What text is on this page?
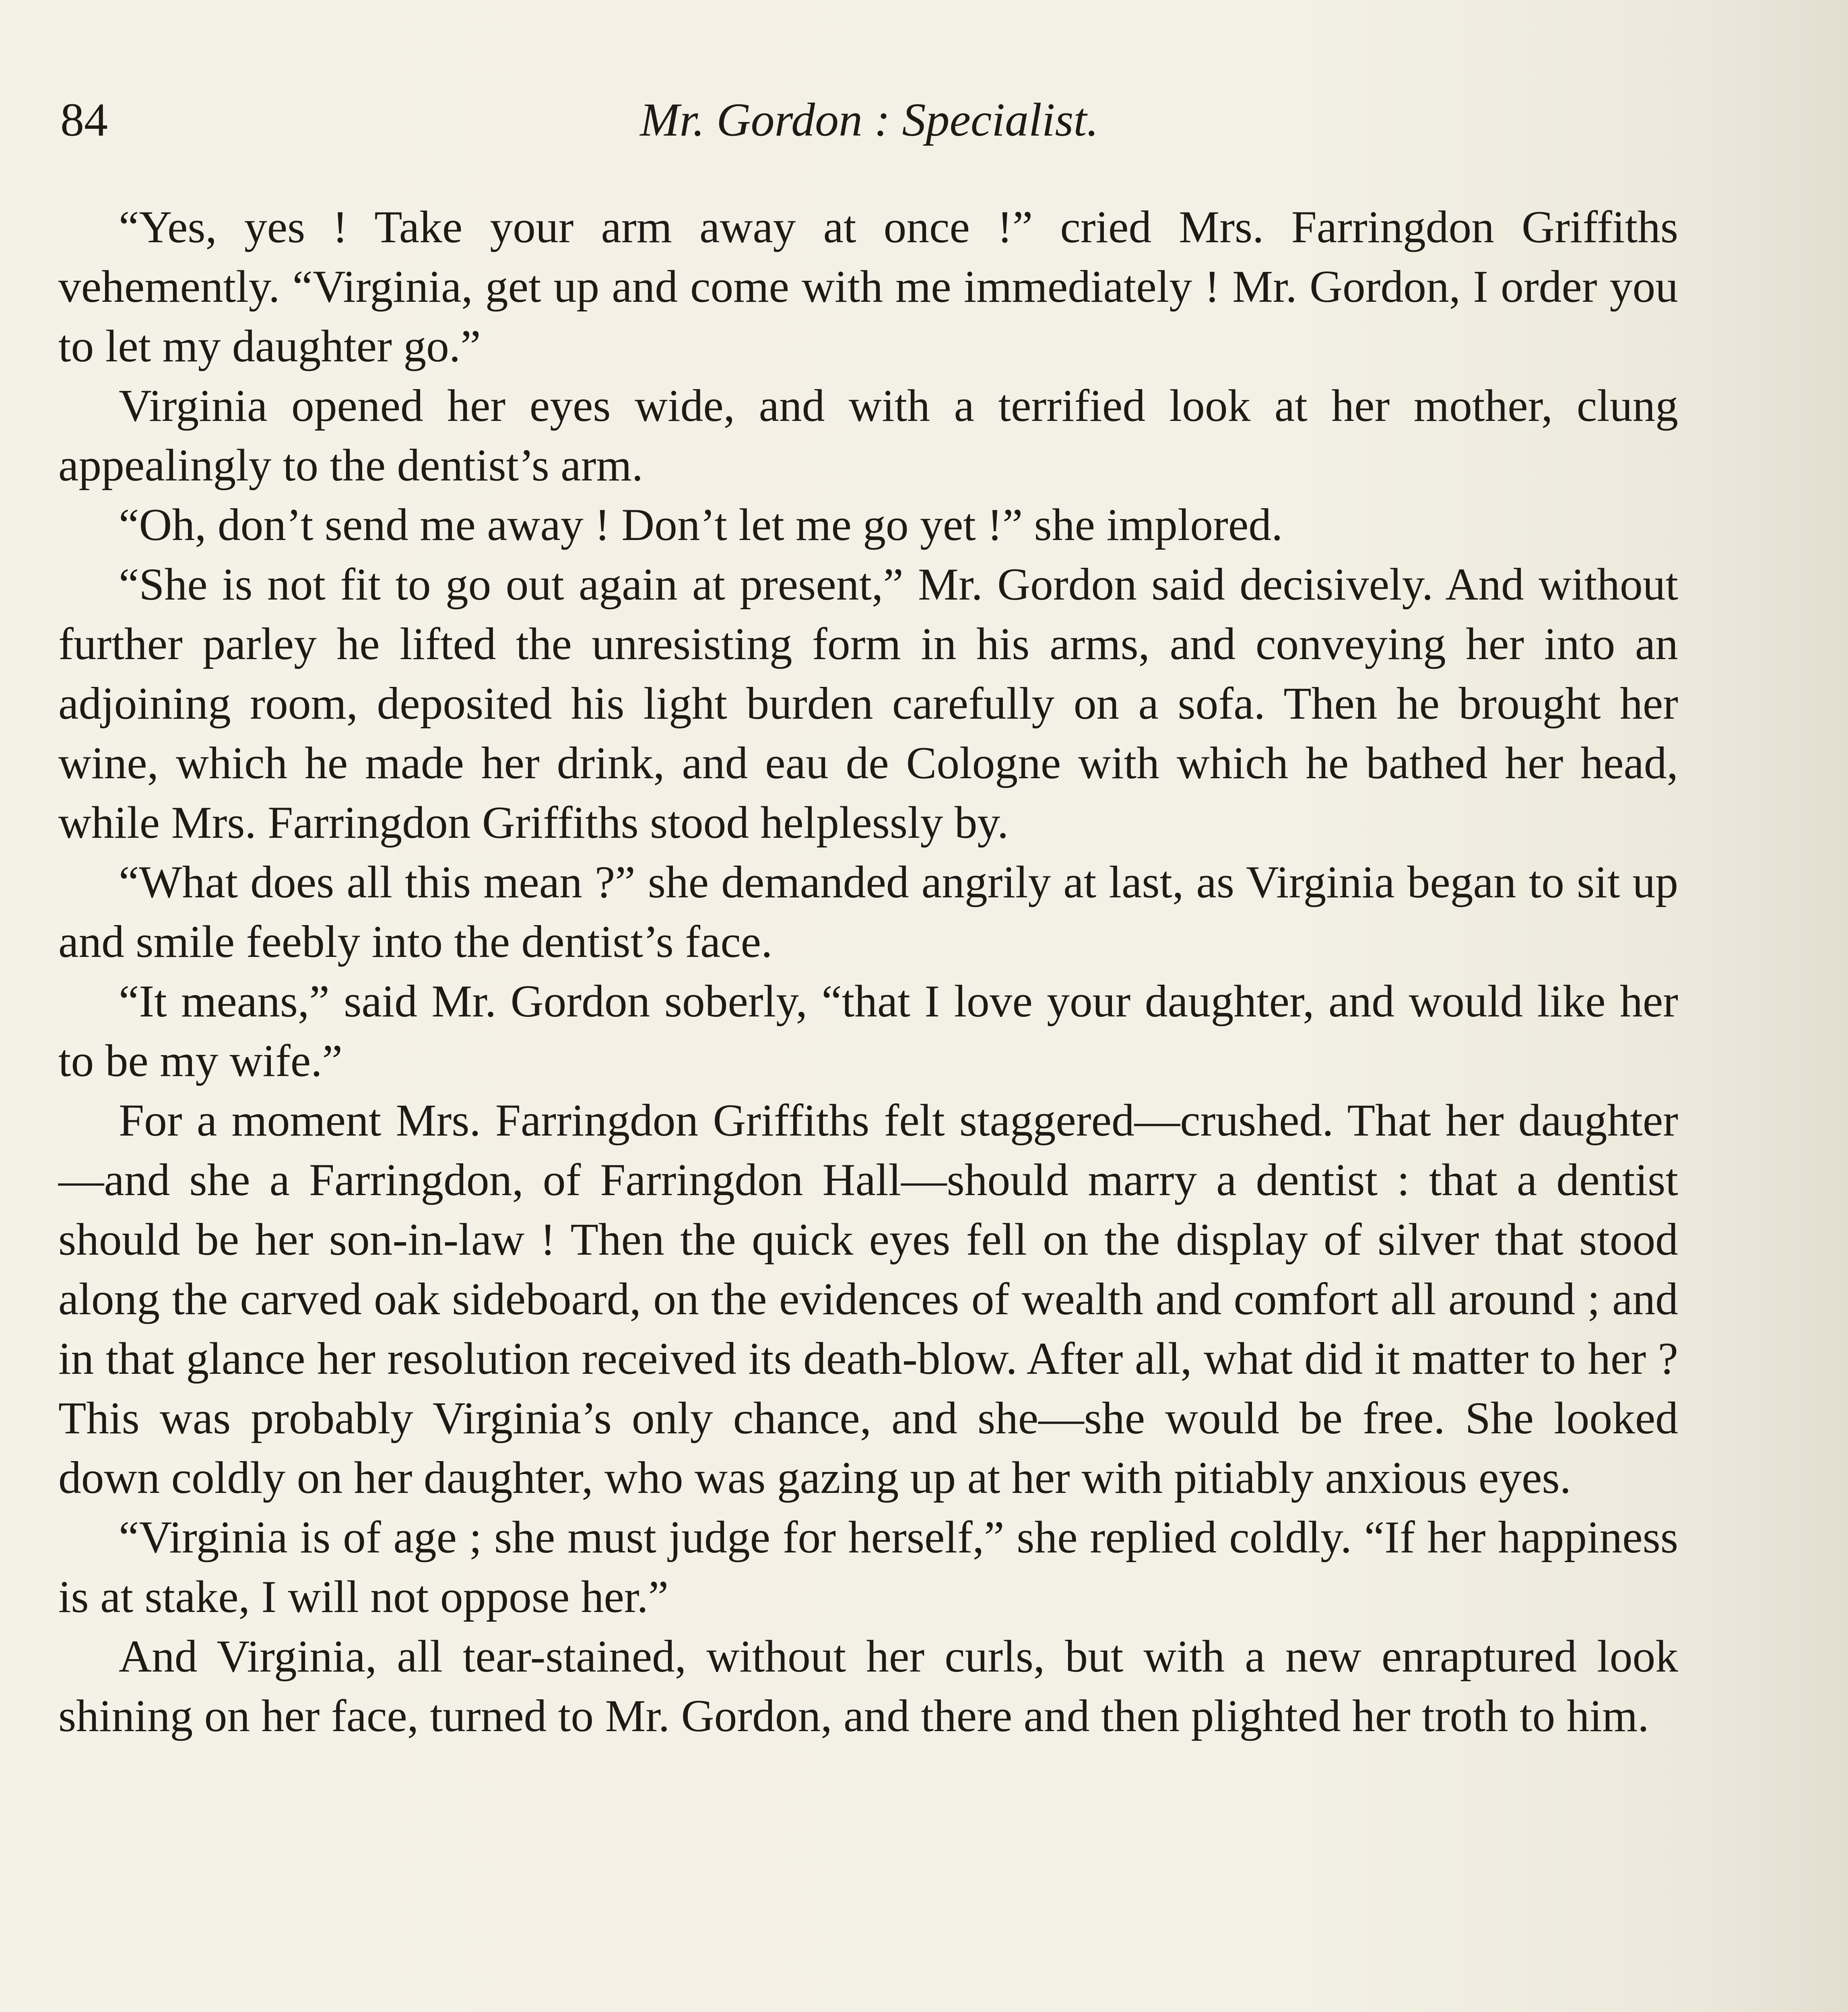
84	Mr. Gordon : Specialist.

“Yes, yes ! Take your arm away at once !” cried Mrs. Farringdon Griffiths vehemently. “Virginia, get up and come with me immediately ! Mr. Gordon, I order you to let my daughter go.”

Virginia opened her eyes wide, and with a terrified look at her mother, clung appealingly to the dentist’s arm.

“Oh, don’t send me away ! Don’t let me go yet !” she implored.

“She is not fit to go out again at present,” Mr. Gordon said decisively. And without further parley he lifted the unresisting form in his arms, and conveying her into an adjoining room, deposited his light burden carefully on a sofa. Then he brought her wine, which he made her drink, and eau de Cologne with which he bathed her head, while Mrs. Farringdon Griffiths stood helplessly by.

“What does all this mean ?” she demanded angrily at last, as Virginia began to sit up and smile feebly into the dentist’s face.

“It means,” said Mr. Gordon soberly, “that I love your daughter, and would like her to be my wife.”

For a moment Mrs. Farringdon Griffiths felt staggered—crushed. That her daughter—and she a Farringdon, of Farringdon Hall—should marry a dentist : that a dentist should be her son-in-law ! Then the quick eyes fell on the display of silver that stood along the carved oak sideboard, on the evidences of wealth and comfort all around ; and in that glance her resolution received its death-blow. After all, what did it matter to her ? This was probably Virginia’s only chance, and she—she would be free. She looked down coldly on her daughter, who was gazing up at her with pitiably anxious eyes.

“Virginia is of age ; she must judge for herself,” she replied coldly. “If her happiness is at stake, I will not oppose her.”

And Virginia, all tear-stained, without her curls, but with a new enraptured look shining on her face, turned to Mr. Gordon, and there and then plighted her troth to him.
